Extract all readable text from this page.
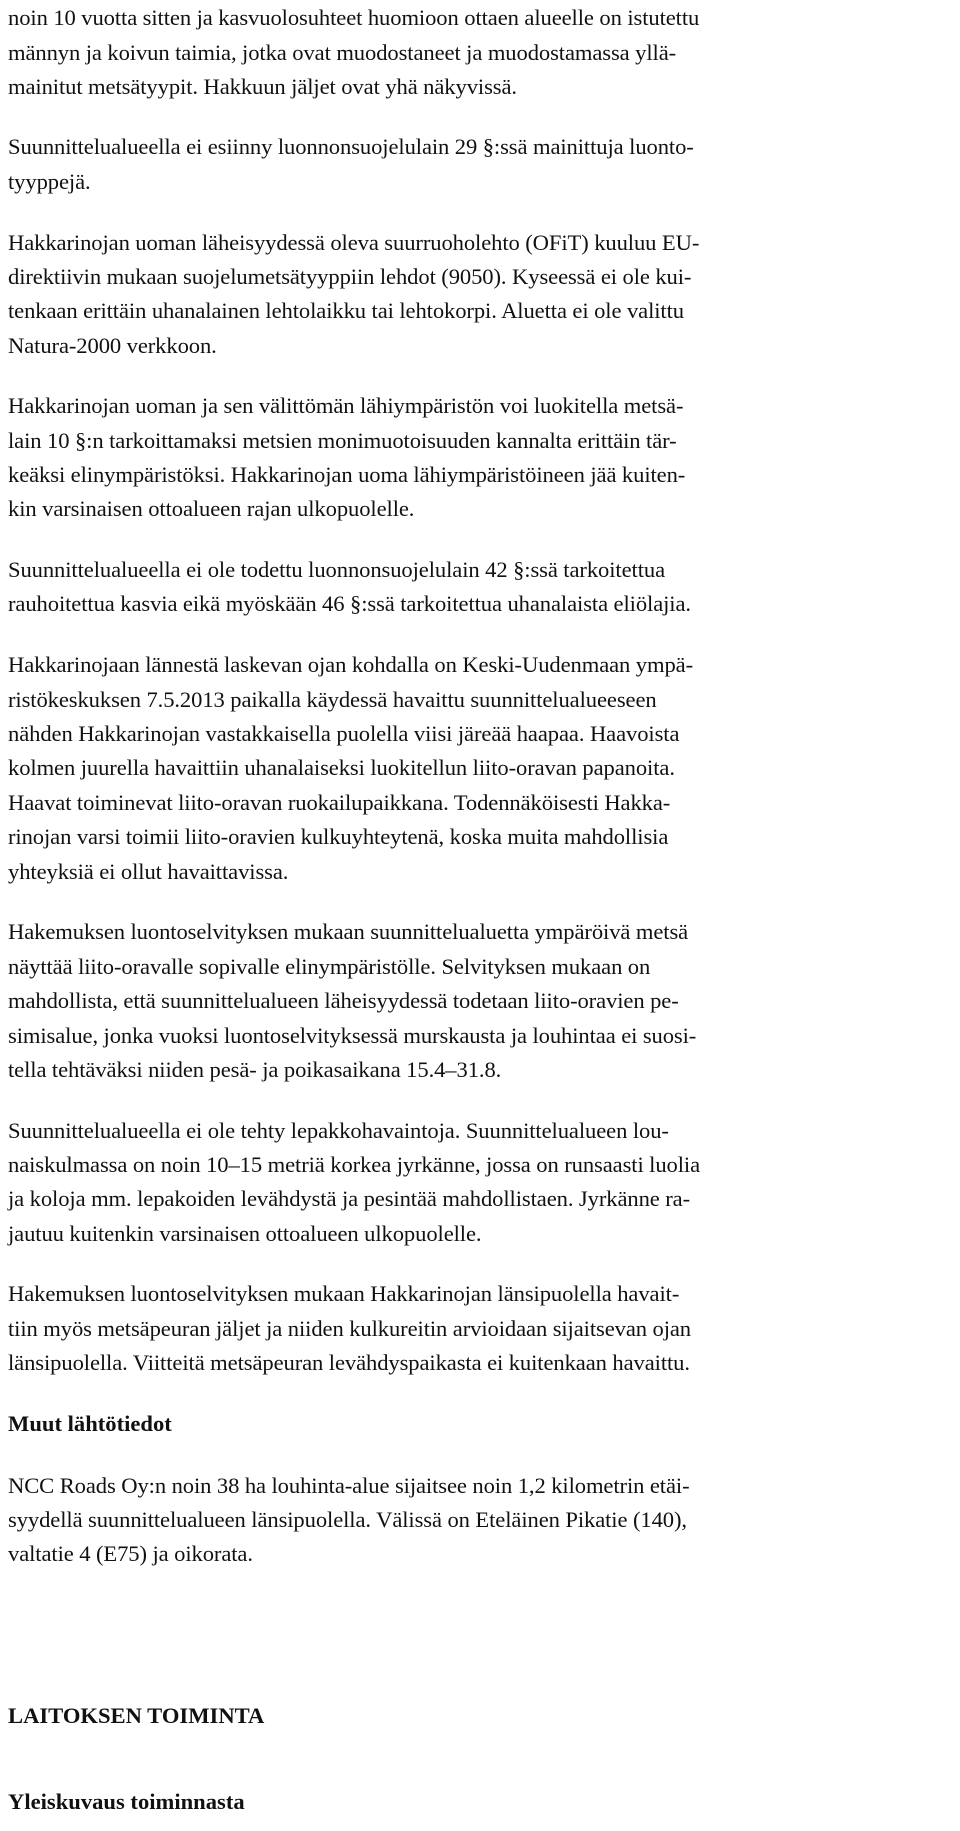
noin 10 vuotta sitten ja kasvuolosuhteet huomioon ottaen alueelle on istutettu
männyn ja koivun taimia, jotka ovat muodostaneet ja muodostamassa yllä-
mainitut metsätyypit. Hakkuun jäljet ovat yhä näkyvissä.
Suunnittelualueella ei esiinny luonnonsuojelulain 29 §:ssä mainittuja luonto-
tyyppejä.
Hakkarinojan uoman läheisyydessä oleva suurruoholehto (OFiT) kuuluu EU-
direktiivin mukaan suojelumetsätyyppiin lehdot (9050). Kyseessä ei ole kui-
tenkaan erittäin uhanalainen lehtolaikku tai lehtokorpi. Aluetta ei ole valittu
Natura-2000 verkkoon.
Hakkarinojan uoman ja sen välittömän lähiympäristön voi luokitella metsä-
lain 10 §:n tarkoittamaksi metsien monimuotoisuuden kannalta erittäin tär-
keäksi elinympäristöksi. Hakkarinojan uoma lähiympäristöineen jää kuiten-
kin varsinaisen ottoalueen rajan ulkopuolelle.
Suunnittelualueella ei ole todettu luonnonsuojelulain 42 §:ssä tarkoitettua
rauhoitettua kasvia eikä myöskään 46 §:ssä tarkoitettua uhanalaista eliölajia.
Hakkarinojaan lännestä laskevan ojan kohdalla on Keski-Uudenmaan ympä-
ristökeskuksen 7.5.2013 paikalla käydessä havaittu suunnittelualueeseen
nähden Hakkarinojan vastakkaisella puolella viisi järeää haapaa. Haavoista
kolmen juurella havaittiin uhanalaiseksi luokitellun liito-oravan papanoita.
Haavat toiminevat liito-oravan ruokailupaikkana. Todennäköisesti Hakka-
rinojan varsi toimii liito-oravien kulkuyhteytenä, koska muita mahdollisia
yhteyksiä ei ollut havaittavissa.
Hakemuksen luontoselvityksen mukaan suunnittelualuetta ympäröivä metsä
näyttää liito-oravalle sopivalle elinympäristölle. Selvityksen mukaan on
mahdollista, että suunnittelualueen läheisyydessä todetaan liito-oravien pe-
simisalue, jonka vuoksi luontoselvityksessä murskausta ja louhintaa ei suosi-
tella tehtäväksi niiden pesä- ja poikasaikana 15.4–31.8.
Suunnittelualueella ei ole tehty lepakkohavaintoja. Suunnittelualueen lou-
naiskulmassa on noin 10–15 metriä korkea jyrkänne, jossa on runsaasti luolia
ja koloja mm. lepakoiden levähdystä ja pesintää mahdollistaen. Jyrkänne ra-
jautuu kuitenkin varsinaisen ottoalueen ulkopuolelle.
Hakemuksen luontoselvityksen mukaan Hakkarinojan länsipuolella havait-
tiin myös metsäpeuran jäljet ja niiden kulkureitin arvioidaan sijaitsevan ojan
länsipuolella. Viitteitä metsäpeuran levähdyspaikasta ei kuitenkaan havaittu.
Muut lähtötiedot
NCC Roads Oy:n noin 38 ha louhinta-alue sijaitsee noin 1,2 kilometrin etäi-
syydellä suunnittelualueen länsipuolella. Välissä on Eteläinen Pikatie (140),
valtatie 4 (E75) ja oikorata.
LAITOKSEN TOIMINTA
Yleiskuvaus toiminnasta
